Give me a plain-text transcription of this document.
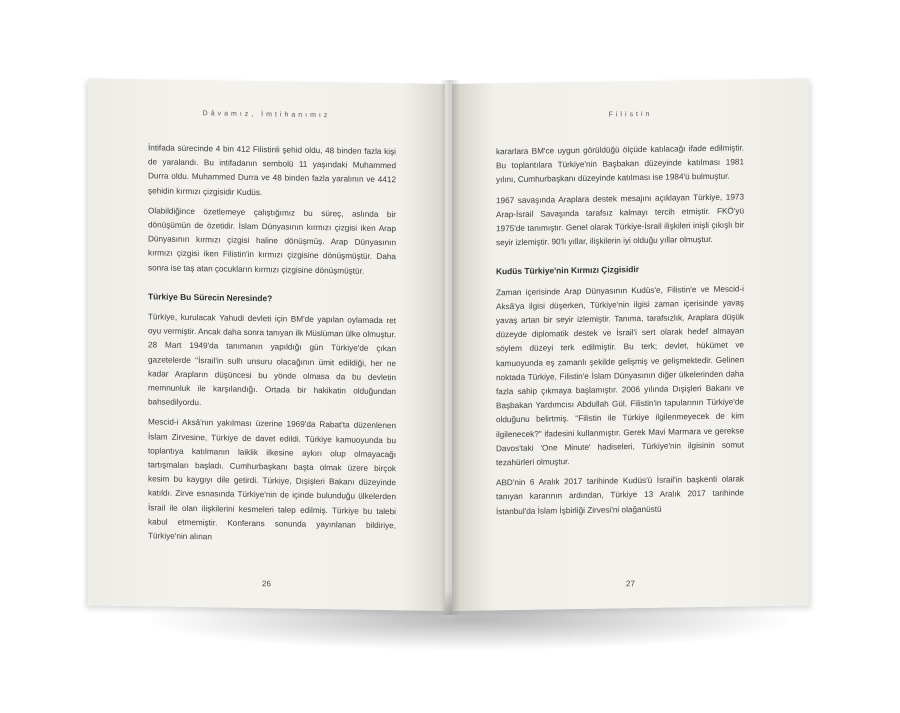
Dâvamız, İmtihanımız

İntifada sürecinde 4 bin 412 Filistinli şehid oldu, 48 binden fazla kişi de yaralandı. Bu intifadanın sembolü 11 yaşındaki Muhammed Durra oldu. Muhammed Durra ve 48 binden fazla yaralının ve 4412 şehidin kırmızı çizgisidir Kudüs.

Olabildiğince özetlemeye çalıştığımız bu süreç, aslında bir dönüşümün de özetidir. İslam Dünyasının kırmızı çizgisi iken Arap Dünyasının kırmızı çizgisi haline dönüşmüş. Arap Dünyasının kırmızı çizgisi iken Filistin'in kırmızı çizgisine dönüşmüştür. Daha sonra ise taş atan çocukların kırmızı çizgisine dönüşmüştür.

Türkiye Bu Sürecin Neresinde?

Türkiye, kurulacak Yahudi devleti için BM'de yapılan oylamada ret oyu vermiştir. Ancak daha sonra tanıyan ilk Müslüman ülke olmuştur. 28 Mart 1949'da tanımanın yapıldığı gün Türkiye'de çıkan gazetelerde "İsrail'in sulh unsuru olacağının ümit edildiği, her ne kadar Arapların düşüncesi bu yönde olmasa da bu devletin memnunluk ile karşılandığı. Ortada bir hakikatin olduğundan bahsedilyordu.

Mescid-i Aksâ'nın yakılması üzerine 1969'da Rabat'ta düzenlenen İslam Zirvesine, Türkiye de davet edildi. Türkiye kamuoyunda bu toplantıya katılmanın laiklik ilkesine aykırı olup olmayacağı tartışmaları başladı. Cumhurbaşkanı başta olmak üzere birçok kesim bu kaygıyı dile getirdi. Türkiye, Dışişleri Bakanı düzeyinde katıldı. Zirve esnasında Türkiye'nin de içinde bulunduğu ülkelerden İsrail ile olan ilişkilerini kesmeleri talep edilmiş. Türkiye bu talebi kabul etmemiştir. Konferans sonunda yayınlanan bildiriye, Türkiye'nin alınan

26
Filistin

kararlara BM'ce uygun görüldüğü ölçüde katılacağı ifade edilmiştir. Bu toplantılara Türkiye'nin Başbakan düzeyinde katılması 1981 yılını, Cumhurbaşkanı düzeyinde katılması ise 1984'ü bulmuştur.

1967 savaşında Araplara destek mesajını açıklayan Türkiye, 1973 Arap-İsrail Savaşında tarafsız kalmayı tercih etmiştir. FKÖ'yü 1975'de tanımıştır. Genel olarak Türkiye-İsrail ilişkileri inişli çıkışlı bir seyir izlemiştir. 90'lı yıllar, ilişkilerin iyi olduğu yıllar olmuştur.

Kudüs Türkiye'nin Kırmızı Çizgisidir

Zaman içerisinde Arap Dünyasının Kudüs'e, Filistin'e ve Mescid-i Aksâ'ya ilgisi düşerken, Türkiye'nin ilgisi zaman içerisinde yavaş yavaş artan bir seyir izlemiştir. Tanıma, tarafsızlık, Araplara düşük düzeyde diplomatik destek ve İsrail'i sert olarak hedef almayan söylem düzeyi terk edilmiştir. Bu terk; devlet, hükümet ve kamuoyunda eş zamanlı şekilde gelişmiş ve gelişmektedir. Gelinen noktada Türkiye, Filistin'e İslam Dünyasının diğer ülkelerinden daha fazla sahip çıkmaya başlamıştır. 2006 yılında Dışişleri Bakanı ve Başbakan Yardımcısı Abdullah Gül, Filistin'in tapularının Türkiye'de olduğunu belirtmiş. "Filistin ile Türkiye ilgilenmeyecek de kim ilgilenecek?" ifadesini kullanmıştır. Gerek Mavi Marmara ve gerekse Davos'taki 'One Minute' hadiseleri, Türkiye'nin ilgisinin somut tezahürleri olmuştur.

ABD'nin 6 Aralık 2017 tarihinde Kudüs'ü İsrail'in başkenti olarak tanıyan kararının ardından, Türkiye 13 Aralık 2017 tarihinde İstanbul'da İslam İşbirliği Zirvesi'ni olağanüstü

27
